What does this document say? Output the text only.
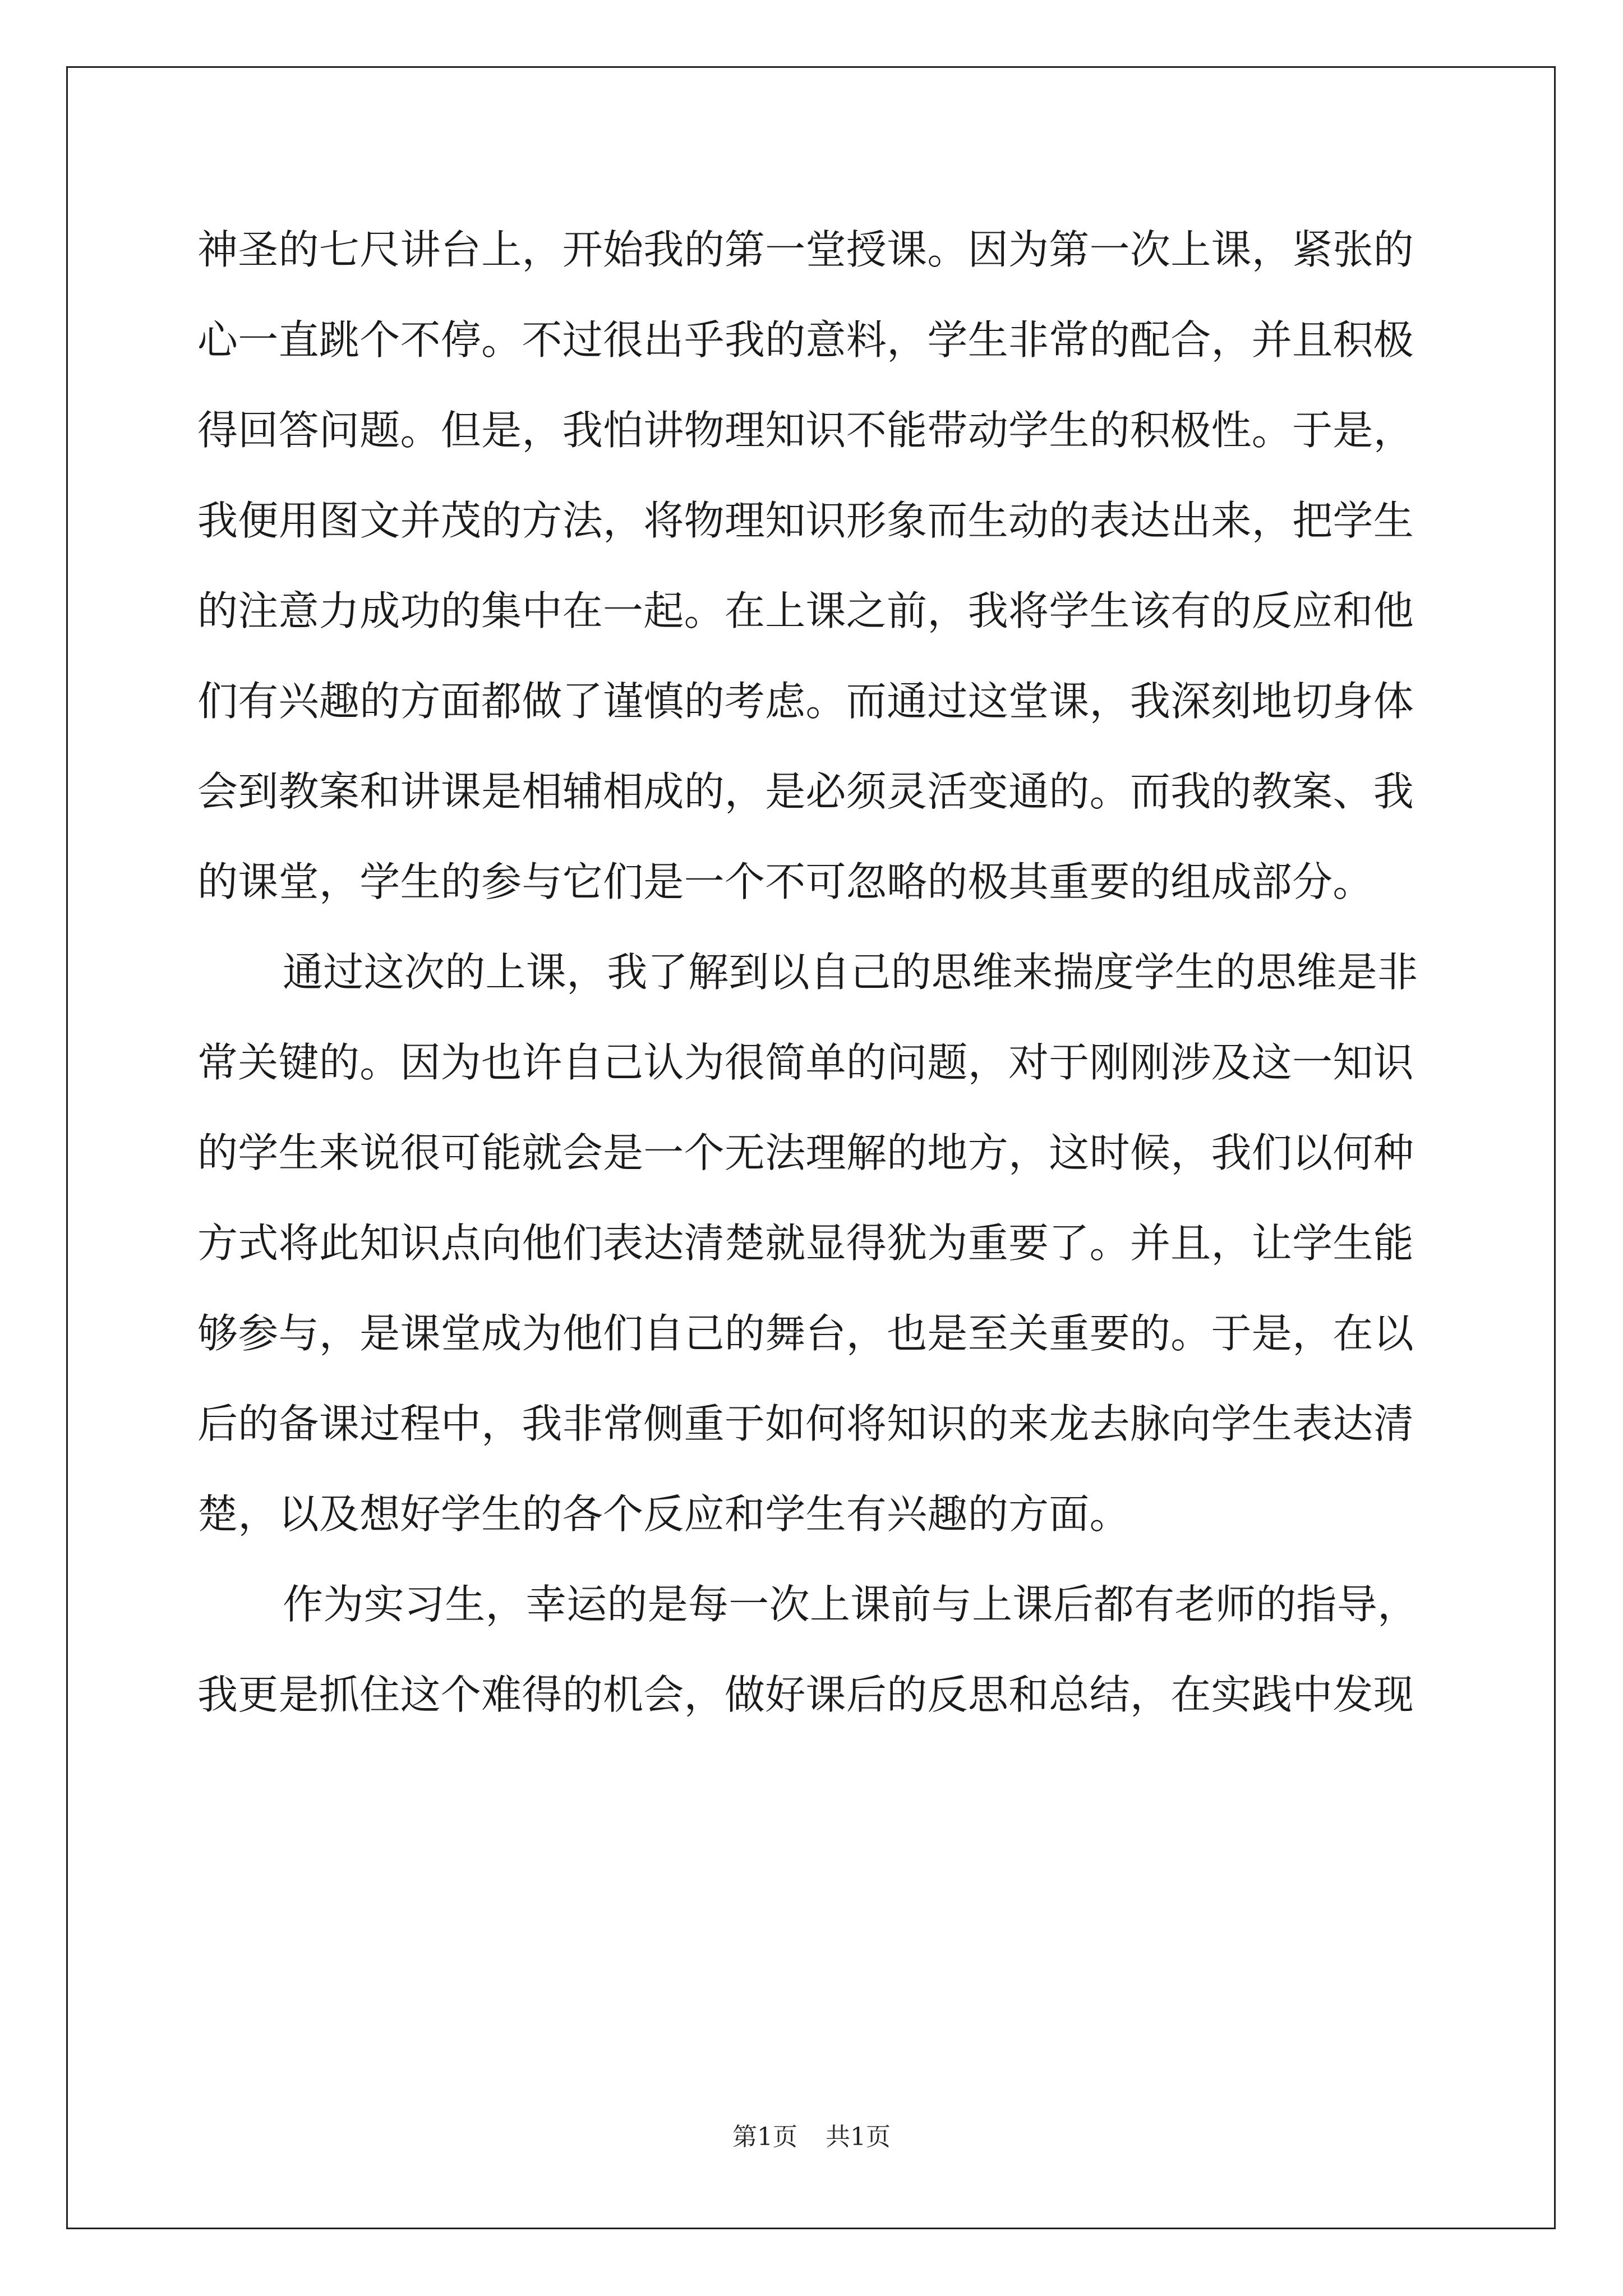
神圣的七尺讲台上，开始我的第一堂授课。因为第一次上课，紧张的
心一直跳个不停。不过很出乎我的意料，学生非常的配合，并且积极
得回答问题。但是，我怕讲物理知识不能带动学生的积极性。于是，
我便用图文并茂的方法，将物理知识形象而生动的表达出来，把学生
的注意力成功的集中在一起。在上课之前，我将学生该有的反应和他
们有兴趣的方面都做了谨慎的考虑。而通过这堂课，我深刻地切身体
会到教案和讲课是相辅相成的，是必须灵活变通的。而我的教案、我
的课堂，学生的参与它们是一个不可忽略的极其重要的组成部分。
通过这次的上课，我了解到以自己的思维来揣度学生的思维是非
常关键的。因为也许自己认为很简单的问题，对于刚刚涉及这一知识
的学生来说很可能就会是一个无法理解的地方，这时候，我们以何种
方式将此知识点向他们表达清楚就显得犹为重要了。并且，让学生能
够参与，是课堂成为他们自己的舞台，也是至关重要的。于是，在以
后的备课过程中，我非常侧重于如何将知识的来龙去脉向学生表达清
楚，以及想好学生的各个反应和学生有兴趣的方面。
作为实习生，幸运的是每一次上课前与上课后都有老师的指导，
我更是抓住这个难得的机会，做好课后的反思和总结，在实践中发现
第1页 共1页
